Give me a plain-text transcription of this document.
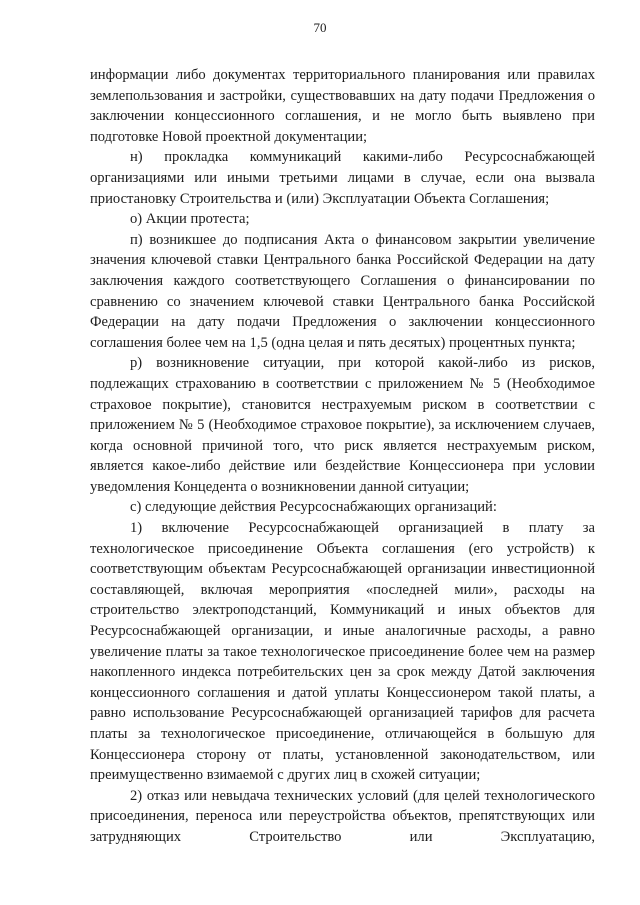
70

информации либо документах территориального планирования или правилах землепользования и застройки, существовавших на дату подачи Предложения о заключении концессионного соглашения, и не могло быть выявлено при подготовке Новой проектной документации;

н) прокладка коммуникаций какими-либо Ресурсоснабжающей организациями или иными третьими лицами в случае, если она вызвала приостановку Строительства и (или) Эксплуатации Объекта Соглашения;

о) Акции протеста;

п) возникшее до подписания Акта о финансовом закрытии увеличение значения ключевой ставки Центрального банка Российской Федерации на дату заключения каждого соответствующего Соглашения о финансировании по сравнению со значением ключевой ставки Центрального банка Российской Федерации на дату подачи Предложения о заключении концессионного соглашения более чем на 1,5 (одна целая и пять десятых) процентных пункта;

р) возникновение ситуации, при которой какой-либо из рисков, подлежащих страхованию в соответствии с приложением № 5 (Необходимое страховое покрытие), становится нестрахуемым риском в соответствии с приложением № 5 (Необходимое страховое покрытие), за исключением случаев, когда основной причиной того, что риск является нестрахуемым риском, является какое-либо действие или бездействие Концессионера при условии уведомления Концедента о возникновении данной ситуации;

с) следующие действия Ресурсоснабжающих организаций:

1) включение Ресурсоснабжающей организацией в плату за технологическое присоединение Объекта соглашения (его устройств) к соответствующим объектам Ресурсоснабжающей организации инвестиционной составляющей, включая мероприятия «последней мили», расходы на строительство электроподстанций, Коммуникаций и иных объектов для Ресурсоснабжающей организации, и иные аналогичные расходы, а равно увеличение платы за такое технологическое присоединение более чем на размер накопленного индекса потребительских цен за срок между Датой заключения концессионного соглашения и датой уплаты Концессионером такой платы, а равно использование Ресурсоснабжающей организацией тарифов для расчета платы за технологическое присоединение, отличающейся в большую для Концессионера сторону от платы, установленной законодательством, или преимущественно взимаемой с других лиц в схожей ситуации;

2) отказ или невыдача технических условий (для целей технологического присоединения, переноса или переустройства объектов, препятствующих или затрудняющих Строительство или Эксплуатацию,
